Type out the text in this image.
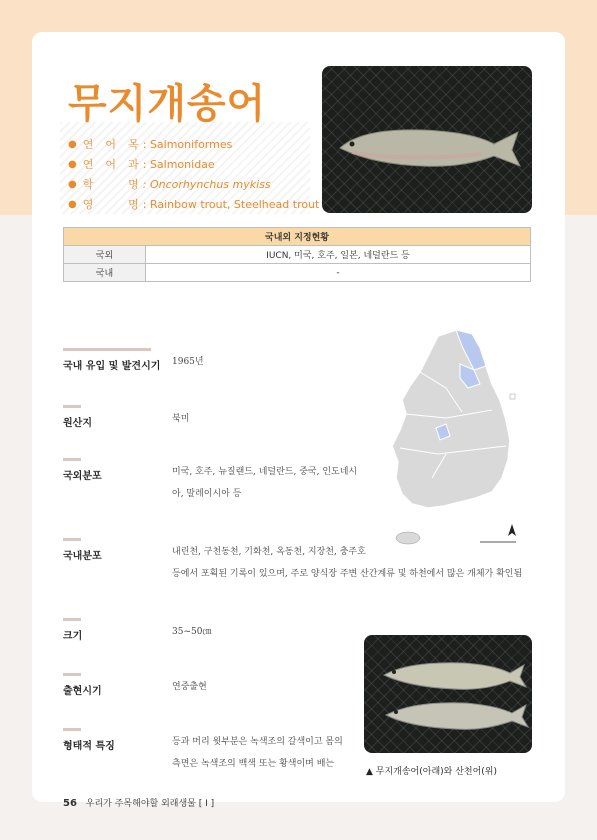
무지개송어
● 연 어 목 : Salmoniformes
● 연 어 과 : Salmonidae
● 학	명 : Oncorhynchus mykiss
● 영	명 : Rainbow trout, Steelhead trout
국내외 지정현황	
국외	IUCN, 미국, 호주, 일본, 네덜란드 등
국내	-
국내 유입 및 발견시기 1965년
원산지	북미
국외분포	미국, 호주, 뉴질랜드, 네덜란드, 중국, 인도네시
아, 말레이시아 등
국내분포	내린천, 구천동천, 기화천, 옥동천, 지장천, 충주호
등에서 포획된 기록이 있으며, 주로 양식장 주변 산간계류 및 하천에서 많은 개체가 확인됨
크기	35~50㎝
출현시기	연중출현
형태적 특징	등과 머리 윗부분은 녹색조의 갈색이고 몸의
측면은 녹색조의 백색 또는 황색이며 배는
▲ 무지개송어(아래)와 산천어(위)
56 우리가 주목해야할 외래생물 [ I ]
